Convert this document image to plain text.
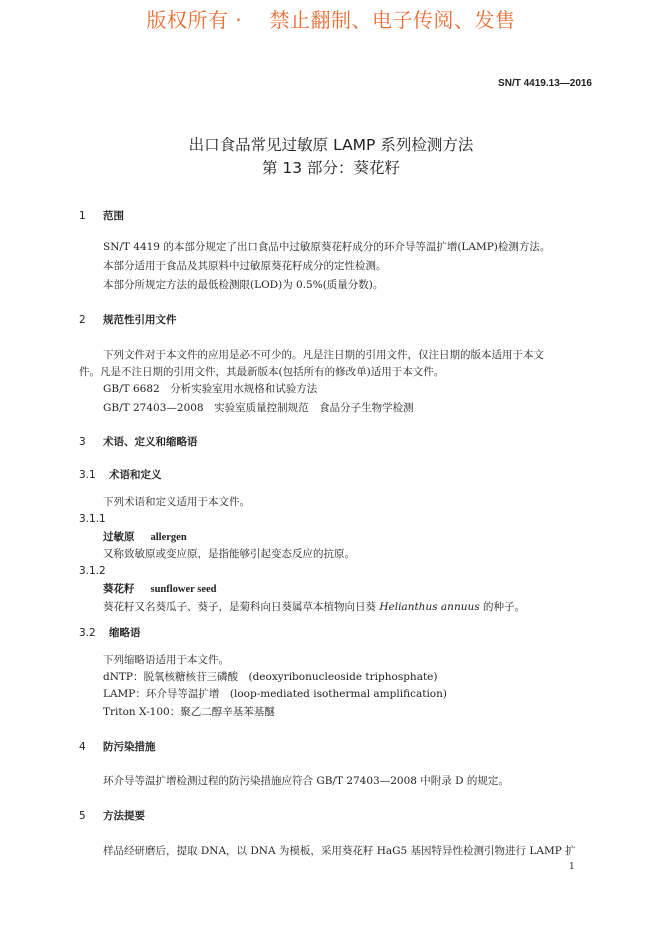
版权所有 ·　 禁止翻制、电子传阅、发售
SN/T 4419.13—2016
出口食品常见过敏原 LAMP 系列检测方法
第 13 部分：葵花籽
1 范围
SN/T 4419 的本部分规定了出口食品中过敏原葵花籽成分的环介导等温扩增(LAMP)检测方法。
本部分适用于食品及其原料中过敏原葵花籽成分的定性检测。
本部分所规定方法的最低检测限(LOD)为 0.5%(质量分数)。
2 规范性引用文件
下列文件对于本文件的应用是必不可少的。凡是注日期的引用文件，仅注日期的版本适用于本文
件。凡是不注日期的引用文件，其最新版本(包括所有的修改单)适用于本文件。
GB/T 6682　分析实验室用水规格和试验方法
GB/T 27403—2008　实验室质量控制规范　食品分子生物学检测
3 术语、定义和缩略语
3.1 术语和定义
下列术语和定义适用于本文件。
3.1.1
过敏原 allergen
又称致敏原或变应原，是指能够引起变态反应的抗原。
3.1.2
葵花籽 sunflower seed
葵花籽又名葵瓜子、葵子，是菊科向日葵属草本植物向日葵 Helianthus annuus 的种子。
3.2 缩略语
下列缩略语适用于本文件。
dNTP：脱氧核糖核苷三磷酸　(deoxyribonucleoside triphosphate)
LAMP：环介导等温扩增　(loop-mediated isothermal amplification)
Triton X-100：聚乙二醇辛基苯基醚
4 防污染措施
环介导等温扩增检测过程的防污染措施应符合 GB/T 27403—2008 中附录 D 的规定。
5 方法提要
样品经研磨后，提取 DNA，以 DNA 为模板，采用葵花籽 HaG5 基因特异性检测引物进行 LAMP 扩
1
